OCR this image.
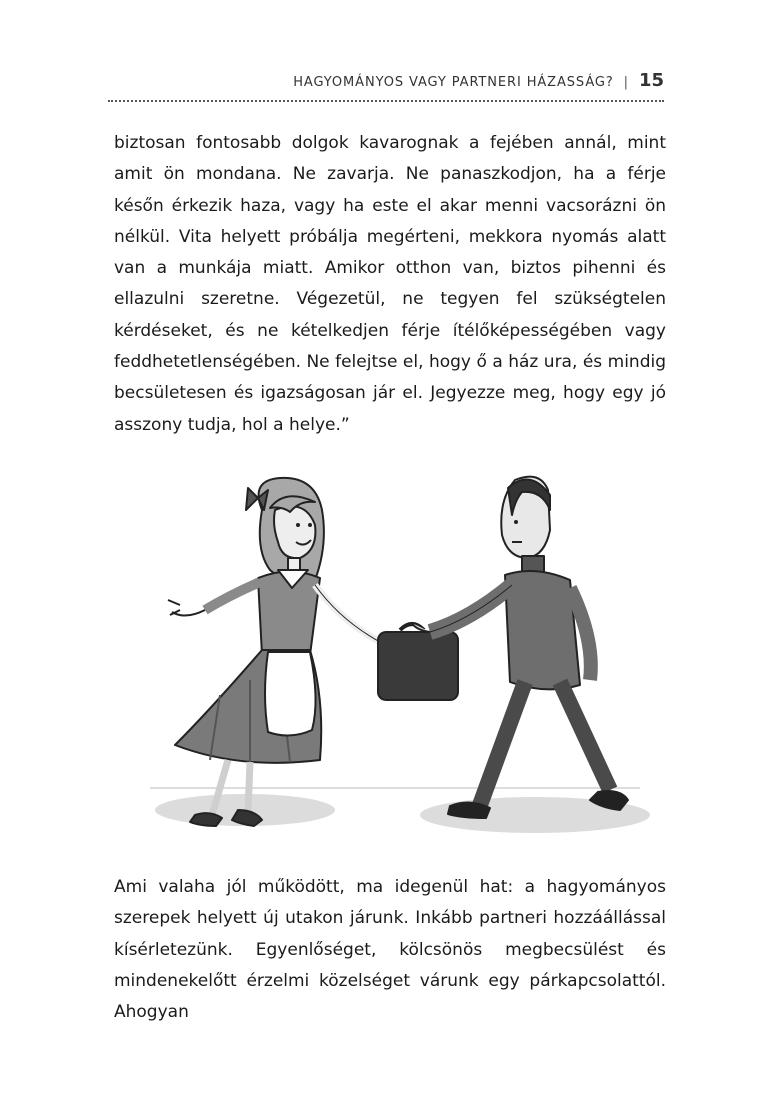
HAGYOMÁNYOS VAGY PARTNERI HÁZASSÁG? | 15

biztosan fontosabb dolgok kavarognak a fejében annál, mint amit ön mondana. Ne zavarja. Ne panaszkodjon, ha a férje későn érkezik haza, vagy ha este el akar menni vacsorázni ön nélkül. Vita helyett próbálja megérteni, mekkora nyomás alatt van a munkája miatt. Amikor otthon van, biztos pihenni és ellazulni szeretne. Végezetül, ne tegyen fel szükségtelen kérdéseket, és ne kételkedjen férje ítélőképességében vagy feddhetetlenségében. Ne felejtse el, hogy ő a ház ura, és mindig becsületesen és igazságosan jár el. Jegyezze meg, hogy egy jó asszony tudja, hol a helye.”

Ami valaha jól működött, ma idegenül hat: a hagyományos szerepek helyett új utakon járunk. Inkább partneri hozzáállással kísérletezünk. Egyenlőséget, kölcsönös megbecsülést és mindenekelőtt érzelmi közelséget várunk egy párkapcsolattól. Ahogyan
